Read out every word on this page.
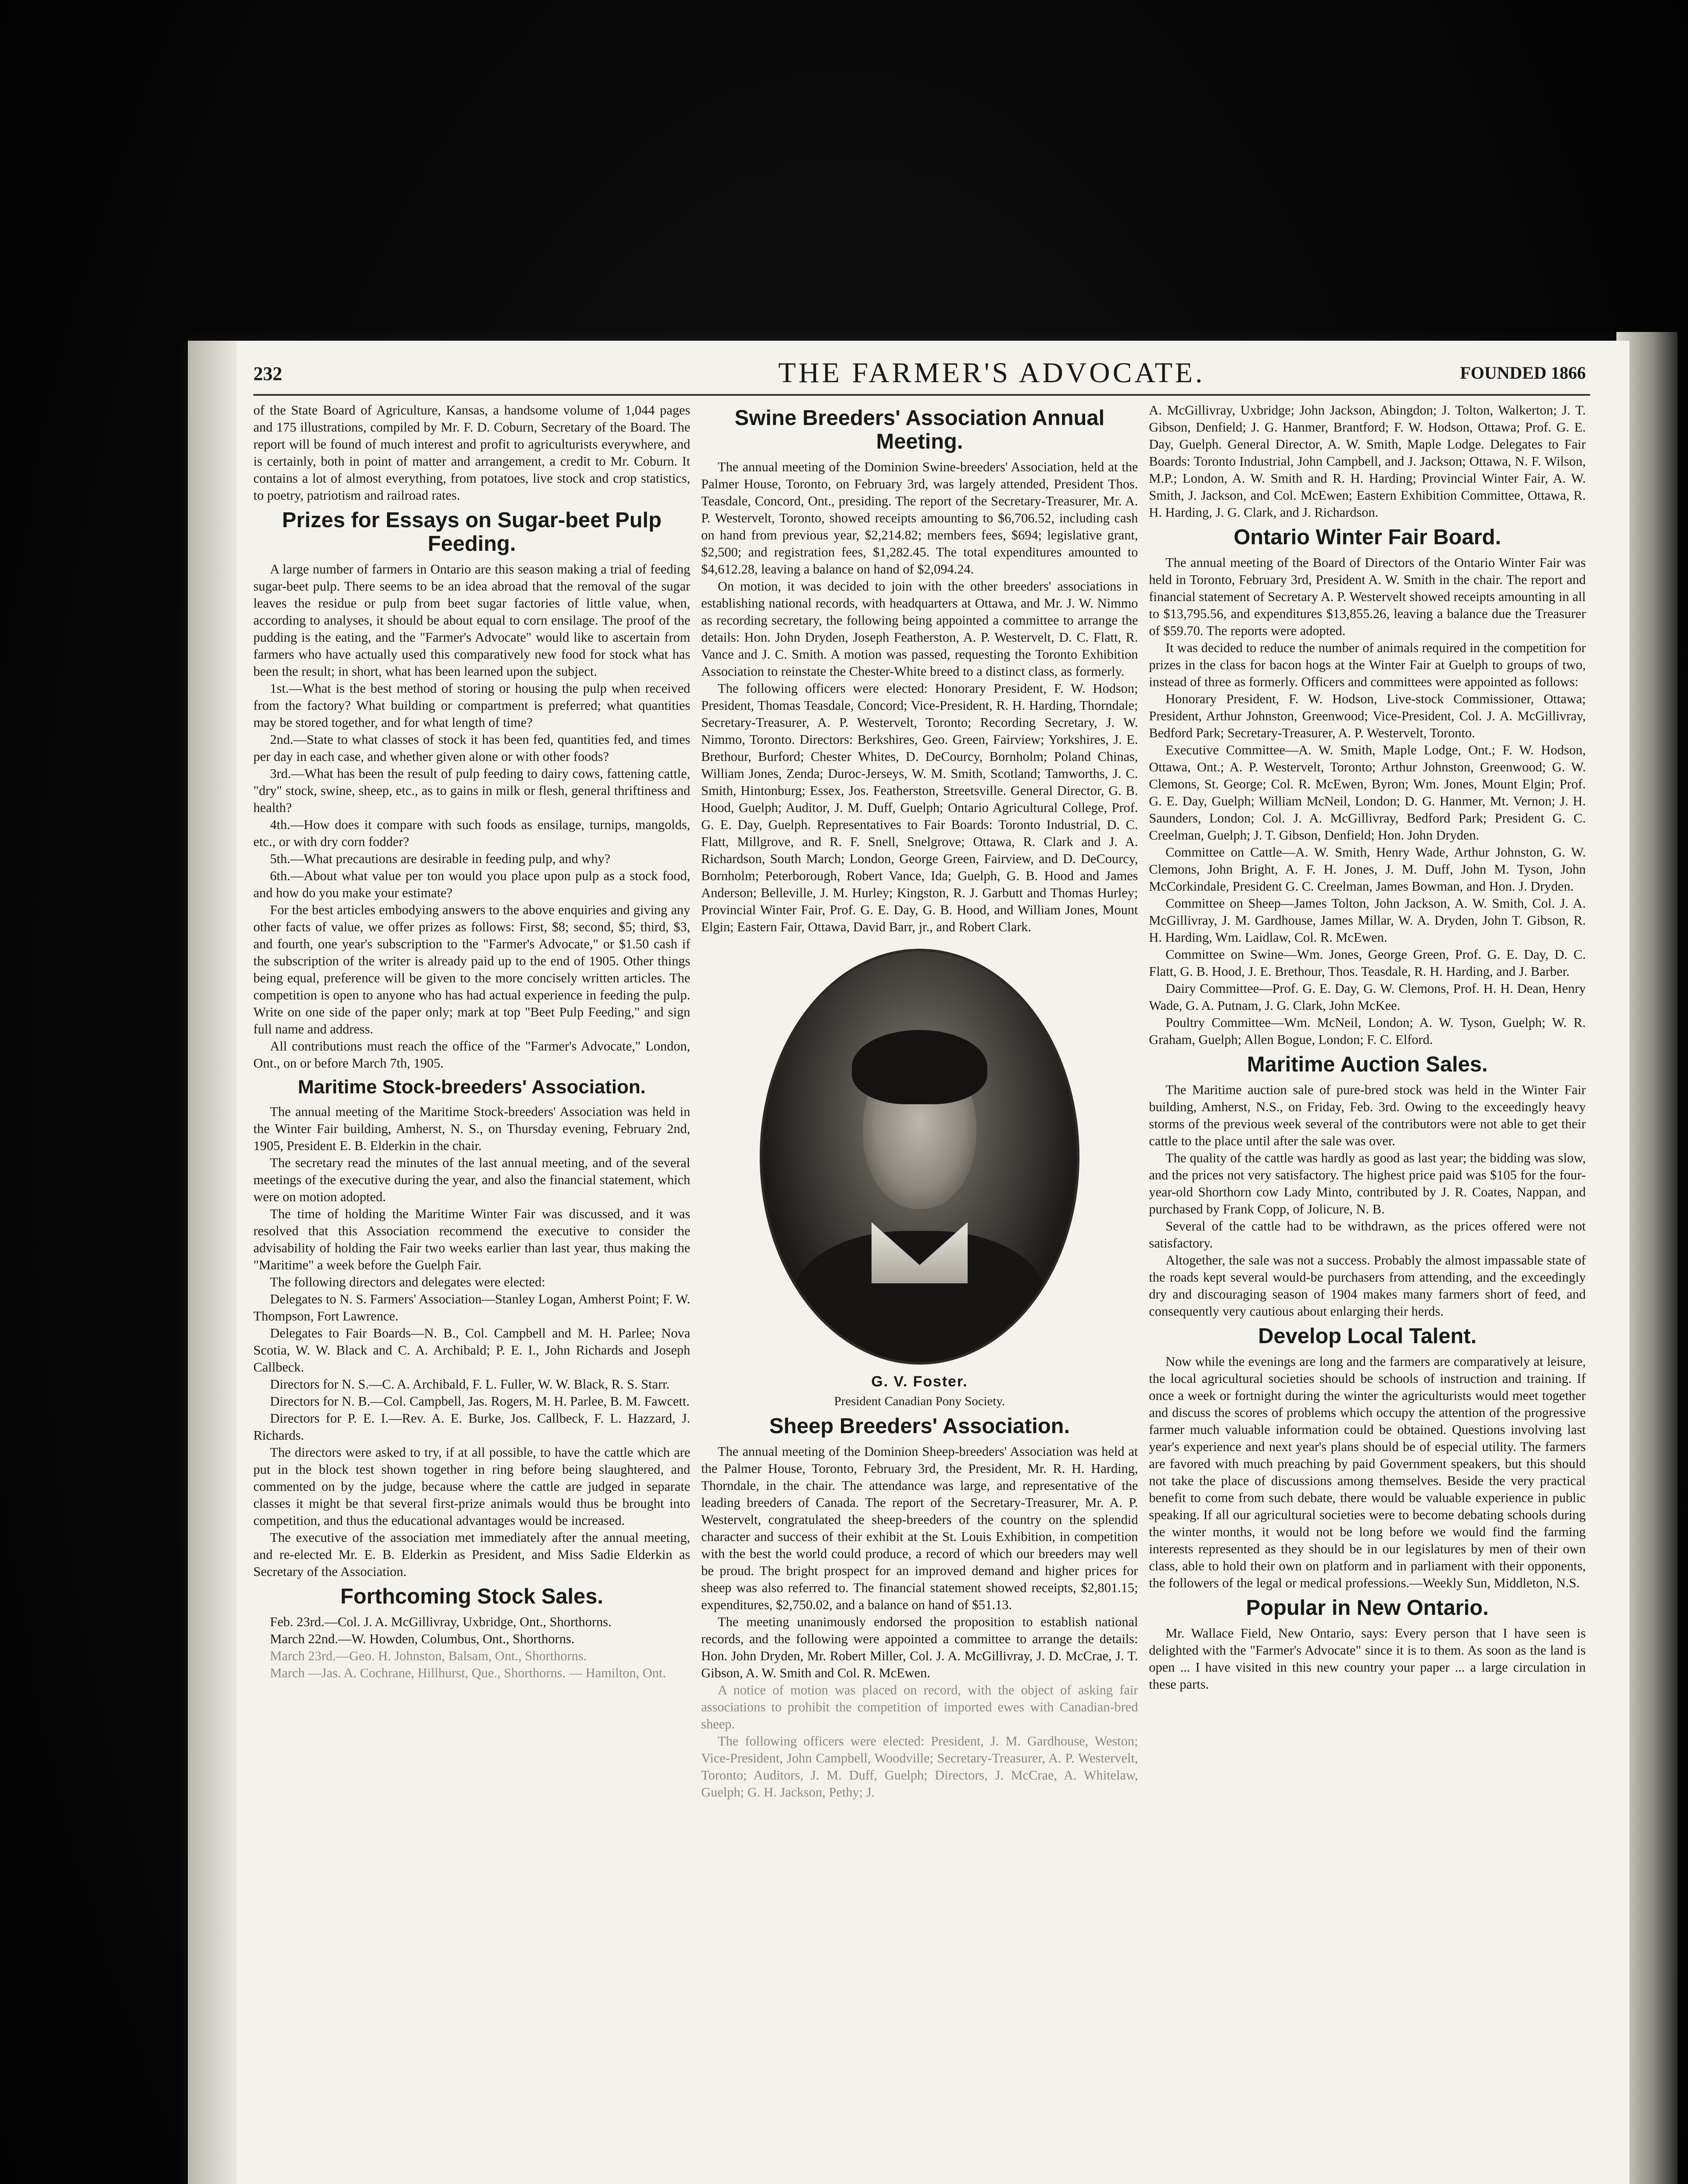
232	THE FARMER'S ADVOCATE.	FOUNDED 1866

of the State Board of Agriculture, Kansas, a handsome volume of 1,044 pages and 175 illustrations, compiled by Mr. F. D. Coburn, Secretary of the Board. The report will be found of much interest and profit to agriculturists everywhere, and is certainly, both in point of matter and arrangement, a credit to Mr. Coburn. It contains a lot of almost everything, from potatoes, live stock and crop statistics, to poetry, patriotism and railroad rates.

Prizes for Essays on Sugar-beet Pulp Feeding.

A large number of farmers in Ontario are this season making a trial of feeding sugar-beet pulp. There seems to be an idea abroad that the removal of the sugar leaves the residue or pulp from beet sugar factories of little value, when, according to analyses, it should be about equal to corn ensilage. The proof of the pudding is the eating, and the "Farmer's Advocate" would like to ascertain from farmers who have actually used this comparatively new food for stock what has been the result; in short, what has been learned upon the subject.

1st.—What is the best method of storing or housing the pulp when received from the factory? What building or compartment is preferred; what quantities may be stored together, and for what length of time?

2nd.—State to what classes of stock it has been fed, quantities fed, and times per day in each case, and whether given alone or with other foods?

3rd.—What has been the result of pulp feeding to dairy cows, fattening cattle, "dry" stock, swine, sheep, etc., as to gains in milk or flesh, general thriftiness and health?

4th.—How does it compare with such foods as ensilage, turnips, mangolds, etc., or with dry corn fodder?

5th.—What precautions are desirable in feeding pulp, and why?

6th.—About what value per ton would you place upon pulp as a stock food, and how do you make your estimate?

For the best articles embodying answers to the above enquiries and giving any other facts of value, we offer prizes as follows: First, $8; second, $5; third, $3, and fourth, one year's subscription to the "Farmer's Advocate," or $1.50 cash if the subscription of the writer is already paid up to the end of 1905. Other things being equal, preference will be given to the more concisely written articles. The competition is open to anyone who has had actual experience in feeding the pulp. Write on one side of the paper only; mark at top "Beet Pulp Feeding," and sign full name and address.

All contributions must reach the office of the "Farmer's Advocate," London, Ont., on or before March 7th, 1905.

Maritime Stock-breeders' Association.

The annual meeting of the Maritime Stock-breeders' Association was held in the Winter Fair building, Amherst, N. S., on Thursday evening, February 2nd, 1905, President E. B. Elderkin in the chair.

The secretary read the minutes of the last annual meeting, and of the several meetings of the executive during the year, and also the financial statement, which were on motion adopted.

The time of holding the Maritime Winter Fair was discussed, and it was resolved that this Association recommend the executive to consider the advisability of holding the Fair two weeks earlier than last year, thus making the "Maritime" a week before the Guelph Fair.

The following directors and delegates were elected:

Delegates to N. S. Farmers' Association—Stanley Logan, Amherst Point; F. W. Thompson, Fort Lawrence.

Delegates to Fair Boards—N. B., Col. Campbell and M. H. Parlee; Nova Scotia, W. W. Black and C. A. Archibald; P. E. I., John Richards and Joseph Callbeck.

Directors for N. S.—C. A. Archibald, F. L. Fuller, W. W. Black, R. S. Starr.

Directors for N. B.—Col. Campbell, Jas. Rogers, M. H. Parlee, B. M. Fawcett.

Directors for P. E. I.—Rev. A. E. Burke, Jos. Callbeck, F. L. Hazzard, J. Richards.

The directors were asked to try, if at all possible, to have the cattle which are put in the block test shown together in ring before being slaughtered, and commented on by the judge, because where the cattle are judged in separate classes it might be that several first-prize animals would thus be brought into competition, and thus the educational advantages would be increased.

The executive of the association met immediately after the annual meeting, and re-elected Mr. E. B. Elderkin as President, and Miss Sadie Elderkin as Secretary of the Association.

Forthcoming Stock Sales.

Feb. 23rd.—Col. J. A. McGillivray, Uxbridge, Ont., Shorthorns.

March 22nd.—W. Howden, Columbus, Ont., Shorthorns.

March 23rd.—Geo. H. Johnston, Balsam, Ont., Shorthorns.

March —Jas. A. Cochrane, Hillhurst, Que., Shorthorns. — Hamilton, Ont.

Swine Breeders' Association Annual Meeting.

The annual meeting of the Dominion Swine-breeders' Association, held at the Palmer House, Toronto, on February 3rd, was largely attended, President Thos. Teasdale, Concord, Ont., presiding. The report of the Secretary-Treasurer, Mr. A. P. Westervelt, Toronto, showed receipts amounting to $6,706.52, including cash on hand from previous year, $2,214.82; members fees, $694; legislative grant, $2,500; and registration fees, $1,282.45. The total expenditures amounted to $4,612.28, leaving a balance on hand of $2,094.24.

On motion, it was decided to join with the other breeders' associations in establishing national records, with headquarters at Ottawa, and Mr. J. W. Nimmo as recording secretary, the following being appointed a committee to arrange the details: Hon. John Dryden, Joseph Featherston, A. P. Westervelt, D. C. Flatt, R. Vance and J. C. Smith. A motion was passed, requesting the Toronto Exhibition Association to reinstate the Chester-White breed to a distinct class, as formerly.

The following officers were elected: Honorary President, F. W. Hodson; President, Thomas Teasdale, Concord; Vice-President, R. H. Harding, Thorndale; Secretary-Treasurer, A. P. Westervelt, Toronto; Recording Secretary, J. W. Nimmo, Toronto. Directors: Berkshires, Geo. Green, Fairview; Yorkshires, J. E. Brethour, Burford; Chester Whites, D. DeCourcy, Bornholm; Poland Chinas, William Jones, Zenda; Duroc-Jerseys, W. M. Smith, Scotland; Tamworths, J. C. Smith, Hintonburg; Essex, Jos. Featherston, Streetsville. General Director, G. B. Hood, Guelph; Auditor, J. M. Duff, Guelph; Ontario Agricultural College, Prof. G. E. Day, Guelph. Representatives to Fair Boards: Toronto Industrial, D. C. Flatt, Millgrove, and R. F. Snell, Snelgrove; Ottawa, R. Clark and J. A. Richardson, South March; London, George Green, Fairview, and D. DeCourcy, Bornholm; Peterborough, Robert Vance, Ida; Guelph, G. B. Hood and James Anderson; Belleville, J. M. Hurley; Kingston, R. J. Garbutt and Thomas Hurley; Provincial Winter Fair, Prof. G. E. Day, G. B. Hood, and William Jones, Mount Elgin; Eastern Fair, Ottawa, David Barr, jr., and Robert Clark.

G. V. Foster.
President Canadian Pony Society.
Sheep Breeders' Association.

The annual meeting of the Dominion Sheep-breeders' Association was held at the Palmer House, Toronto, February 3rd, the President, Mr. R. H. Harding, Thorndale, in the chair. The attendance was large, and representative of the leading breeders of Canada. The report of the Secretary-Treasurer, Mr. A. P. Westervelt, congratulated the sheep-breeders of the country on the splendid character and success of their exhibit at the St. Louis Exhibition, in competition with the best the world could produce, a record of which our breeders may well be proud. The bright prospect for an improved demand and higher prices for sheep was also referred to. The financial statement showed receipts, $2,801.15; expenditures, $2,750.02, and a balance on hand of $51.13.

The meeting unanimously endorsed the proposition to establish national records, and the following were appointed a committee to arrange the details: Hon. John Dryden, Mr. Robert Miller, Col. J. A. McGillivray, J. D. McCrae, J. T. Gibson, A. W. Smith and Col. R. McEwen.

A notice of motion was placed on record, with the object of asking fair associations to prohibit the competition of imported ewes with Canadian-bred sheep.

The following officers were elected: President, J. M. Gardhouse, Weston; Vice-President, John Campbell, Woodville; Secretary-Treasurer, A. P. Westervelt, Toronto; Auditors, J. M. Duff, Guelph; Directors, J. McCrae, A. Whitelaw, Guelph; G. H. Jackson, Pethy; J.

A. McGillivray, Uxbridge; John Jackson, Abingdon; J. Tolton, Walkerton; J. T. Gibson, Denfield; J. G. Hanmer, Brantford; F. W. Hodson, Ottawa; Prof. G. E. Day, Guelph. General Director, A. W. Smith, Maple Lodge. Delegates to Fair Boards: Toronto Industrial, John Campbell, and J. Jackson; Ottawa, N. F. Wilson, M.P.; London, A. W. Smith and R. H. Harding; Provincial Winter Fair, A. W. Smith, J. Jackson, and Col. McEwen; Eastern Exhibition Committee, Ottawa, R. H. Harding, J. G. Clark, and J. Richardson.

Ontario Winter Fair Board.

The annual meeting of the Board of Directors of the Ontario Winter Fair was held in Toronto, February 3rd, President A. W. Smith in the chair. The report and financial statement of Secretary A. P. Westervelt showed receipts amounting in all to $13,795.56, and expenditures $13,855.26, leaving a balance due the Treasurer of $59.70. The reports were adopted.

It was decided to reduce the number of animals required in the competition for prizes in the class for bacon hogs at the Winter Fair at Guelph to groups of two, instead of three as formerly. Officers and committees were appointed as follows:

Honorary President, F. W. Hodson, Live-stock Commissioner, Ottawa; President, Arthur Johnston, Greenwood; Vice-President, Col. J. A. McGillivray, Bedford Park; Secretary-Treasurer, A. P. Westervelt, Toronto.

Executive Committee—A. W. Smith, Maple Lodge, Ont.; F. W. Hodson, Ottawa, Ont.; A. P. Westervelt, Toronto; Arthur Johnston, Greenwood; G. W. Clemons, St. George; Col. R. McEwen, Byron; Wm. Jones, Mount Elgin; Prof. G. E. Day, Guelph; William McNeil, London; D. G. Hanmer, Mt. Vernon; J. H. Saunders, London; Col. J. A. McGillivray, Bedford Park; President G. C. Creelman, Guelph; J. T. Gibson, Denfield; Hon. John Dryden.

Committee on Cattle—A. W. Smith, Henry Wade, Arthur Johnston, G. W. Clemons, John Bright, A. F. H. Jones, J. M. Duff, John M. Tyson, John McCorkindale, President G. C. Creelman, James Bowman, and Hon. J. Dryden.

Committee on Sheep—James Tolton, John Jackson, A. W. Smith, Col. J. A. McGillivray, J. M. Gardhouse, James Millar, W. A. Dryden, John T. Gibson, R. H. Harding, Wm. Laidlaw, Col. R. McEwen.

Committee on Swine—Wm. Jones, George Green, Prof. G. E. Day, D. C. Flatt, G. B. Hood, J. E. Brethour, Thos. Teasdale, R. H. Harding, and J. Barber.

Dairy Committee—Prof. G. E. Day, G. W. Clemons, Prof. H. H. Dean, Henry Wade, G. A. Putnam, J. G. Clark, John McKee.

Poultry Committee—Wm. McNeil, London; A. W. Tyson, Guelph; W. R. Graham, Guelph; Allen Bogue, London; F. C. Elford.

Maritime Auction Sales.

The Maritime auction sale of pure-bred stock was held in the Winter Fair building, Amherst, N.S., on Friday, Feb. 3rd. Owing to the exceedingly heavy storms of the previous week several of the contributors were not able to get their cattle to the place until after the sale was over.

The quality of the cattle was hardly as good as last year; the bidding was slow, and the prices not very satisfactory. The highest price paid was $105 for the four-year-old Shorthorn cow Lady Minto, contributed by J. R. Coates, Nappan, and purchased by Frank Copp, of Jolicure, N. B.

Several of the cattle had to be withdrawn, as the prices offered were not satisfactory.

Altogether, the sale was not a success. Probably the almost impassable state of the roads kept several would-be purchasers from attending, and the exceedingly dry and discouraging season of 1904 makes many farmers short of feed, and consequently very cautious about enlarging their herds.

Develop Local Talent.

Now while the evenings are long and the farmers are comparatively at leisure, the local agricultural societies should be schools of instruction and training. If once a week or fortnight during the winter the agriculturists would meet together and discuss the scores of problems which occupy the attention of the progressive farmer much valuable information could be obtained. Questions involving last year's experience and next year's plans should be of especial utility. The farmers are favored with much preaching by paid Government speakers, but this should not take the place of discussions among themselves. Beside the very practical benefit to come from such debate, there would be valuable experience in public speaking. If all our agricultural societies were to become debating schools during the winter months, it would not be long before we would find the farming interests represented as they should be in our legislatures by men of their own class, able to hold their own on platform and in parliament with their opponents, the followers of the legal or medical professions.—Weekly Sun, Middleton, N.S.

Popular in New Ontario.

Mr. Wallace Field, New Ontario, says: Every person that I have seen is delighted with the "Farmer's Advocate" since it is to them. As soon as the land is open ... I have visited in this new country your paper ... a large circulation in these parts.
